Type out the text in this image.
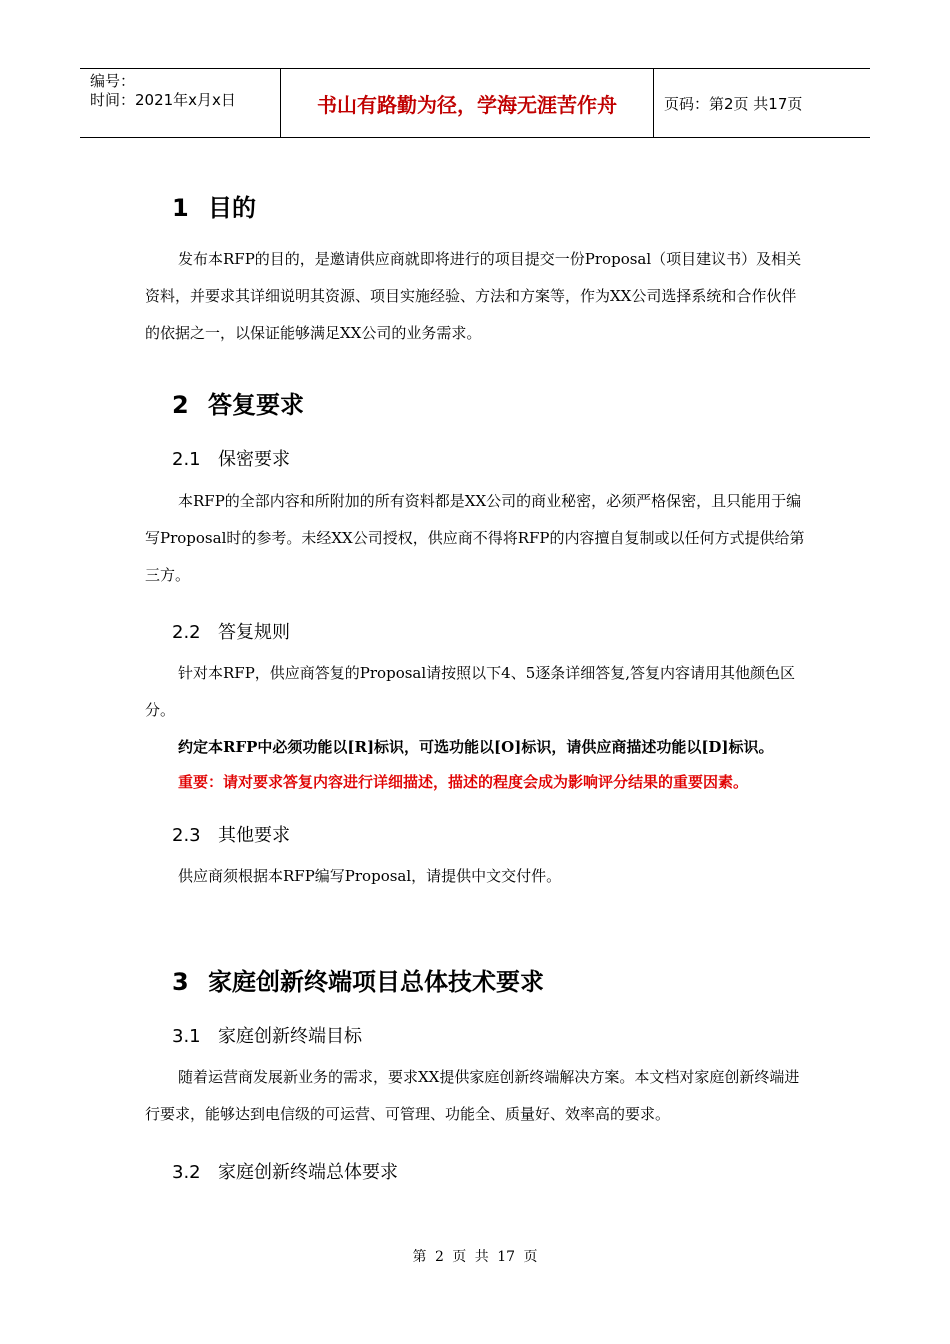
编号：
时间：2021年x月x日	书山有路勤为径，学海无涯苦作舟	页码：第2页 共17页
1 目的
发布本RFP的目的，是邀请供应商就即将进行的项目提交一份Proposal（项目建议书）及相关资料，并要求其详细说明其资源、项目实施经验、方法和方案等，作为XX公司选择系统和合作伙伴的依据之一，以保证能够满足XX公司的业务需求。
2 答复要求
2.1 保密要求
本RFP的全部内容和所附加的所有资料都是XX公司的商业秘密，必须严格保密，且只能用于编写Proposal时的参考。未经XX公司授权，供应商不得将RFP的内容擅自复制或以任何方式提供给第三方。
2.2 答复规则
针对本RFP，供应商答复的Proposal请按照以下4、5逐条详细答复,答复内容请用其他颜色区分。
约定本RFP中必须功能以[R]标识，可选功能以[O]标识，请供应商描述功能以[D]标识。
重要：请对要求答复内容进行详细描述，描述的程度会成为影响评分结果的重要因素。
2.3 其他要求
供应商须根据本RFP编写Proposal，请提供中文交付件。
3 家庭创新终端项目总体技术要求
3.1 家庭创新终端目标
随着运营商发展新业务的需求，要求XX提供家庭创新终端解决方案。本文档对家庭创新终端进行要求，能够达到电信级的可运营、可管理、功能全、质量好、效率高的要求。
3.2 家庭创新终端总体要求
第 2 页 共 17 页
